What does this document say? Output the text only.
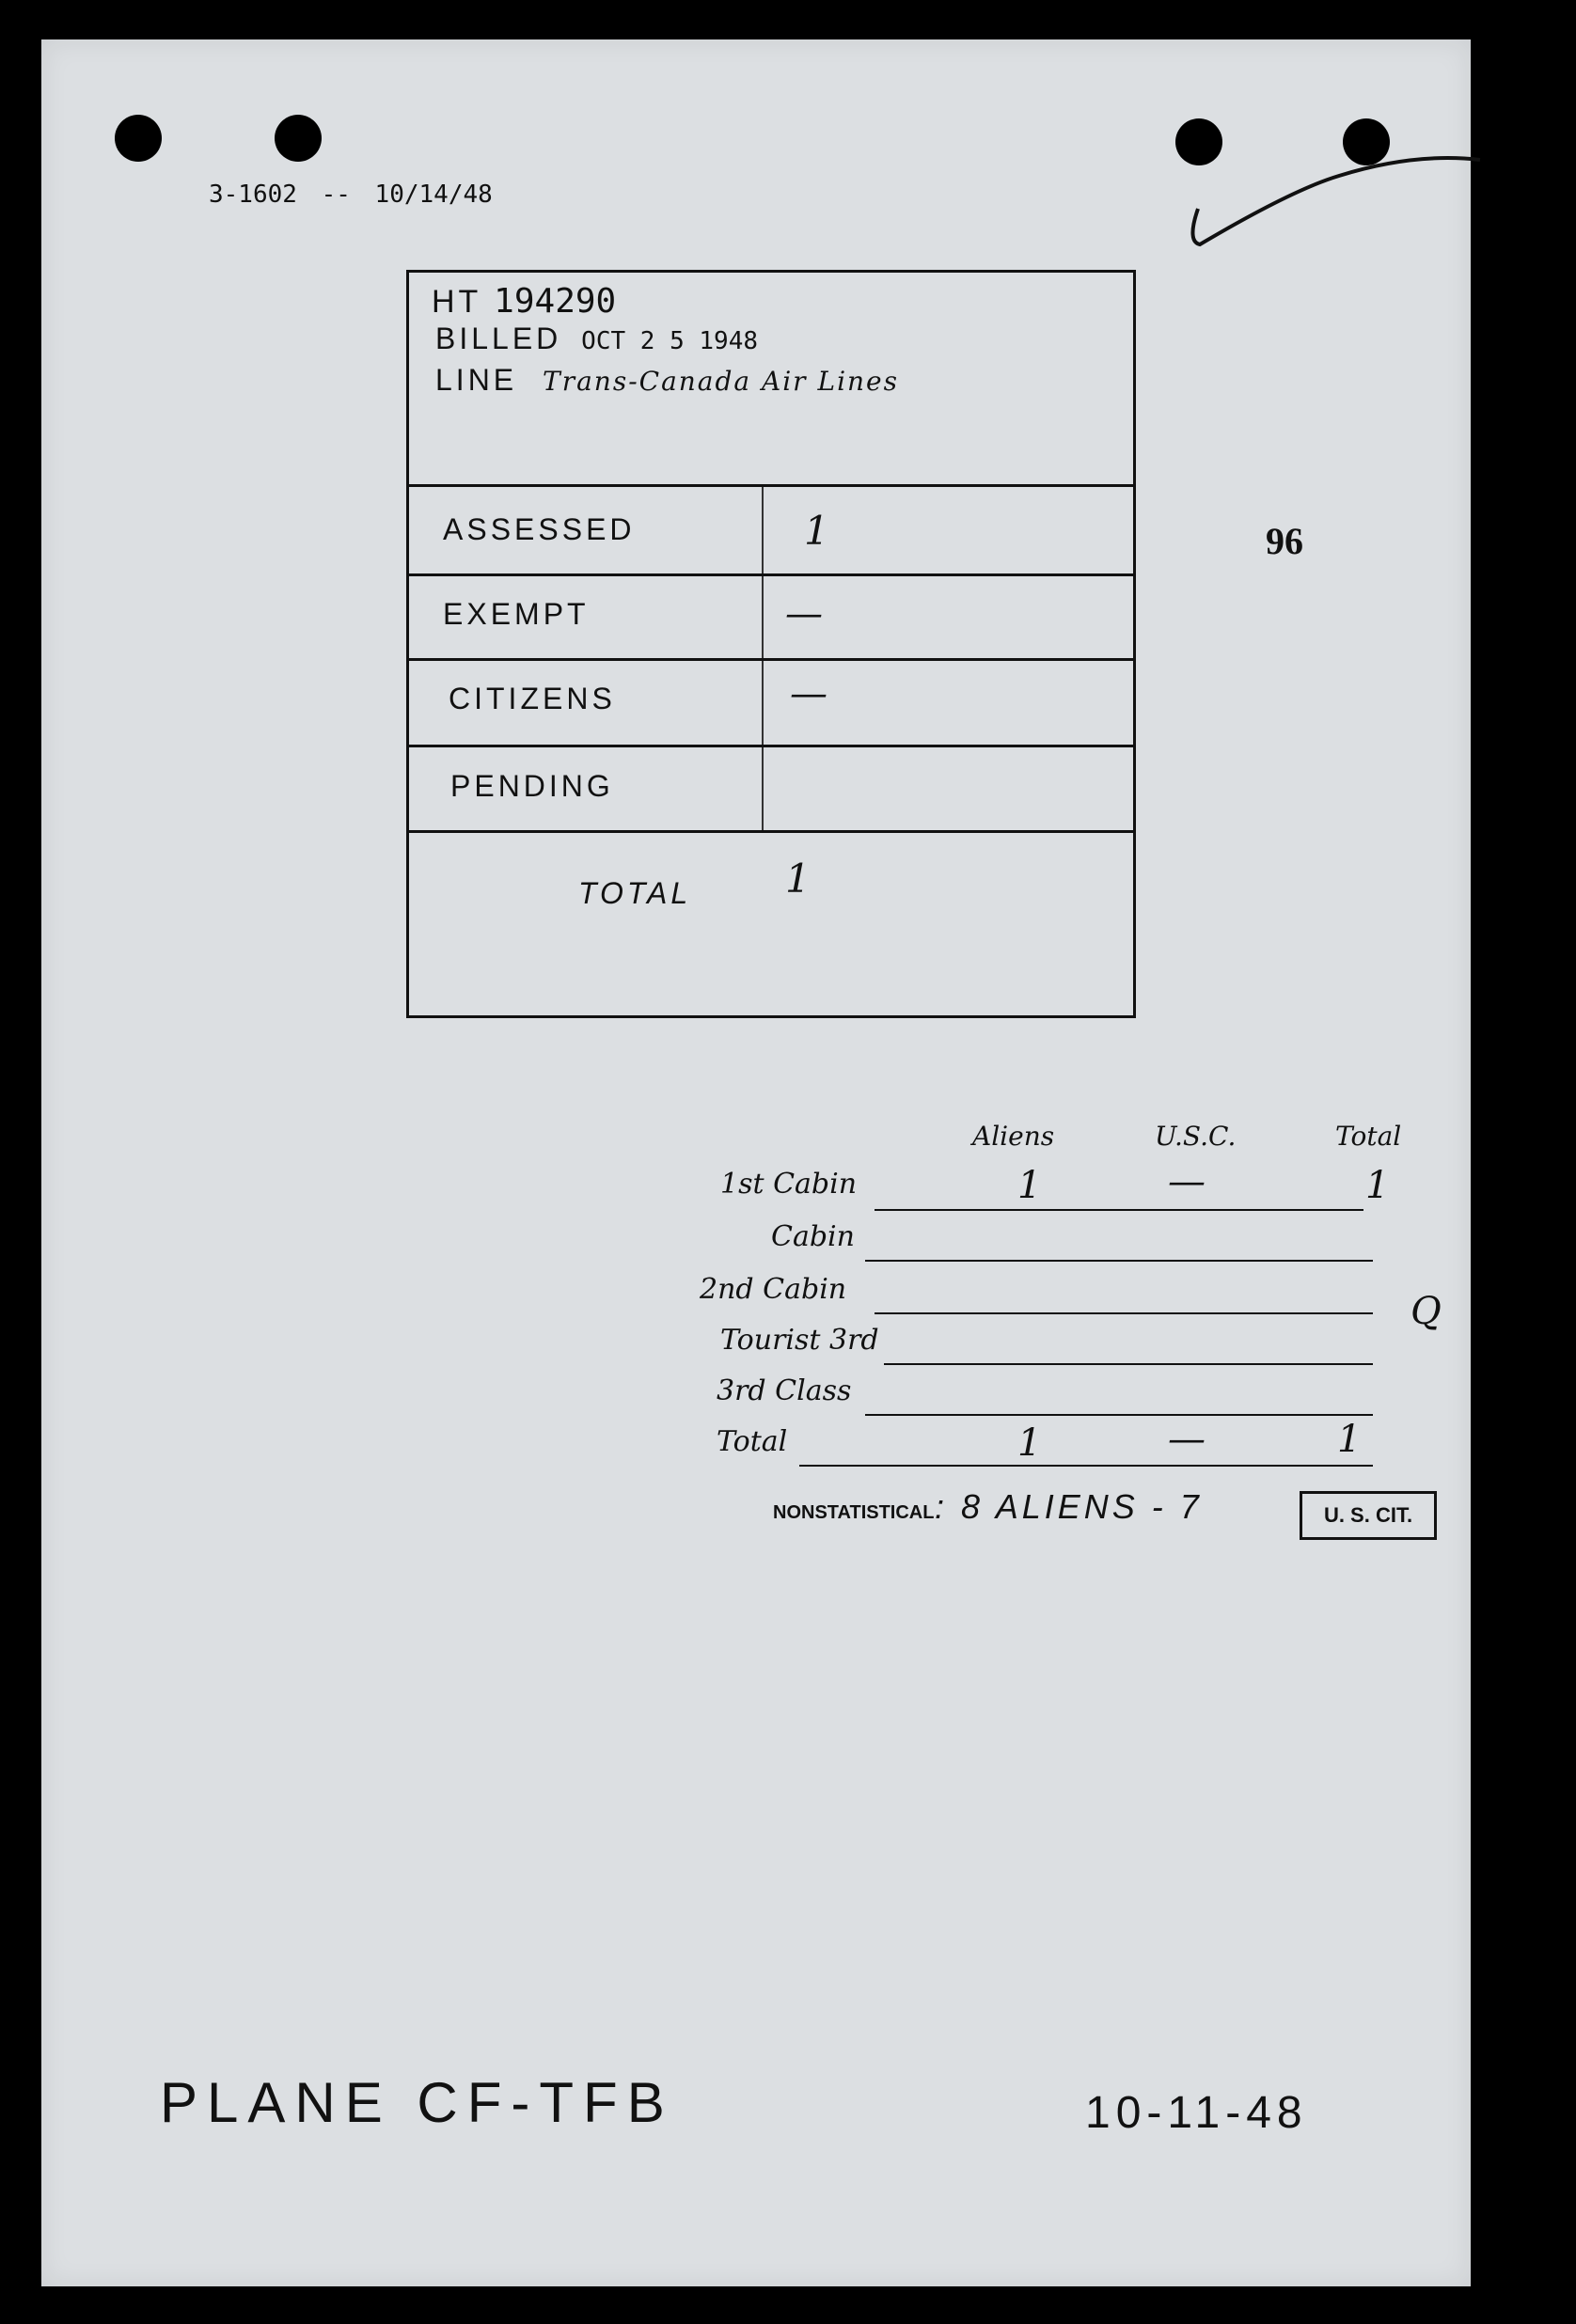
3-1602 -- 10/14/48
96
HT 194290
BILLED OCT 2 5 1948
LINE Trans-Canada Air Lines
ASSESSED	1
EXEMPT	—
CITIZENS	—
PENDING
TOTAL 1
Aliens	U.S.C.	Total
1st Cabin	1	—	1
Cabin
2nd Cabin
Q
Tourist 3rd
3rd Class
Total	1	—	1
NONSTATISTICAL : 8 ALIENS - 7	U. S. CIT.
PLANE CF-TFB	10-11-48
